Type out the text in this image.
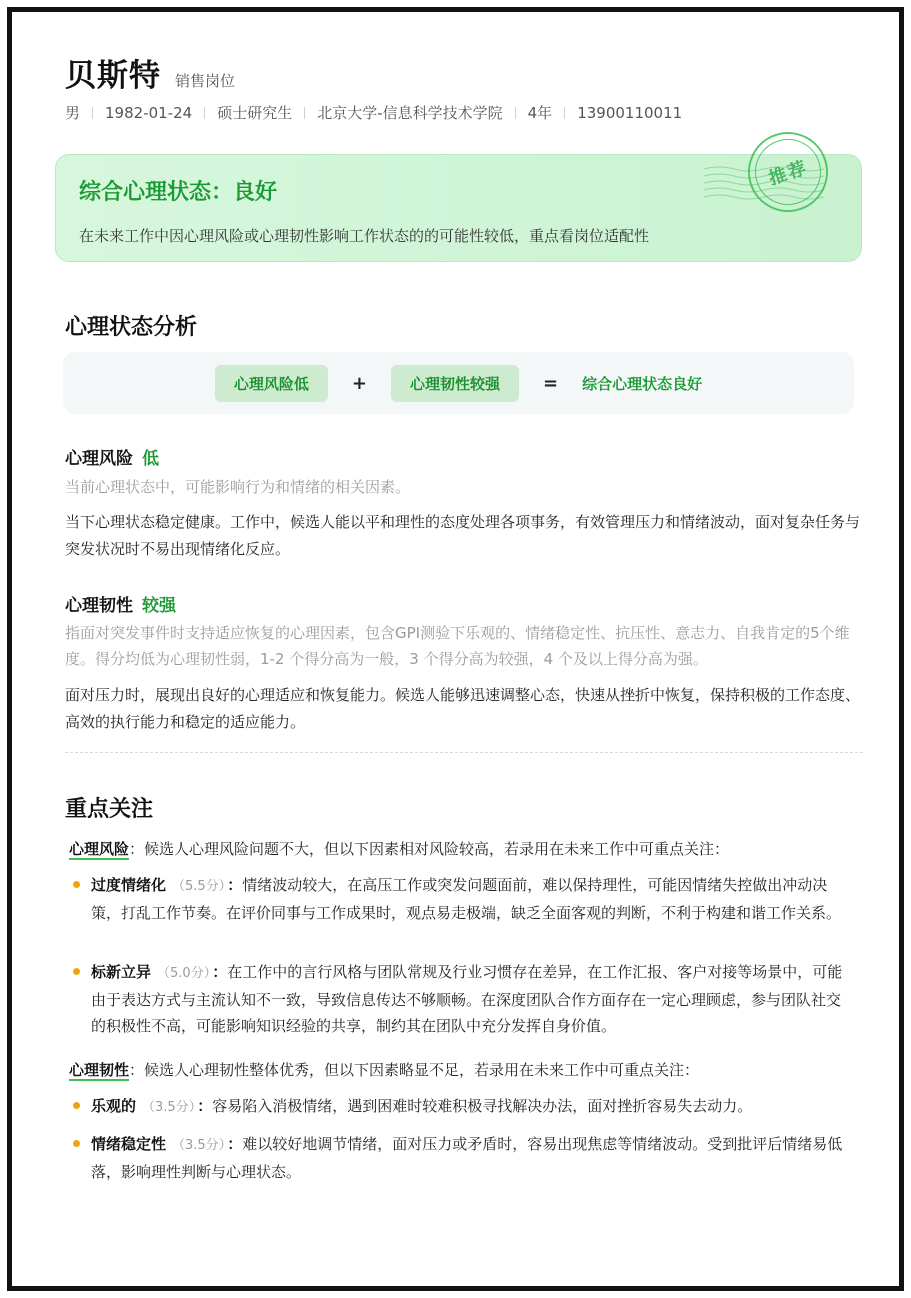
贝斯特 销售岗位
男 1982-01-24 硕士研究生 北京大学-信息科学技术学院 4年 13900110011
综合心理状态：良好
在未来工作中因心理风险或心理韧性影响工作状态的的可能性较低，重点看岗位适配性
推荐
心理状态分析
心理风险低	+	心理韧性较强	= 综合心理状态良好
心理风险 低
当前心理状态中，可能影响行为和情绪的相关因素。
当下心理状态稳定健康。工作中，候选人能以平和理性的态度处理各项事务，有效管理压力和情绪波动，面对复杂任务与突发状况时不易出现情绪化反应。
心理韧性 较强
指面对突发事件时支持适应恢复的心理因素，包含GPI测验下乐观的、情绪稳定性、抗压性、意志力、自我肯定的5个维度。得分均低为心理韧性弱，1-2 个得分高为一般，3 个得分高为较强，4 个及以上得分高为强。
面对压力时，展现出良好的心理适应和恢复能力。候选人能够迅速调整心态，快速从挫折中恢复，保持积极的工作态度、高效的执行能力和稳定的适应能力。
重点关注
心理风险：候选人心理风险问题不大，但以下因素相对风险较高，若录用在未来工作中可重点关注：
过度情绪化 （5.5分） ：情绪波动较大，在高压工作或突发问题面前，难以保持理性，可能因情绪失控做出冲动决策，打乱工作节奏。在评价同事与工作成果时，观点易走极端，缺乏全面客观的判断，不利于构建和谐工作关系。
标新立异 （5.0分） ：在工作中的言行风格与团队常规及行业习惯存在差异，在工作汇报、客户对接等场景中，可能由于表达方式与主流认知不一致，导致信息传达不够顺畅。在深度团队合作方面存在一定心理顾虑，参与团队社交的积极性不高，可能影响知识经验的共享，制约其在团队中充分发挥自身价值。
心理韧性：候选人心理韧性整体优秀，但以下因素略显不足，若录用在未来工作中可重点关注：
乐观的 （3.5分） ：容易陷入消极情绪，遇到困难时较难积极寻找解决办法，面对挫折容易失去动力。
情绪稳定性 （3.5分） ：难以较好地调节情绪，面对压力或矛盾时，容易出现焦虑等情绪波动。受到批评后情绪易低落，影响理性判断与心理状态。
